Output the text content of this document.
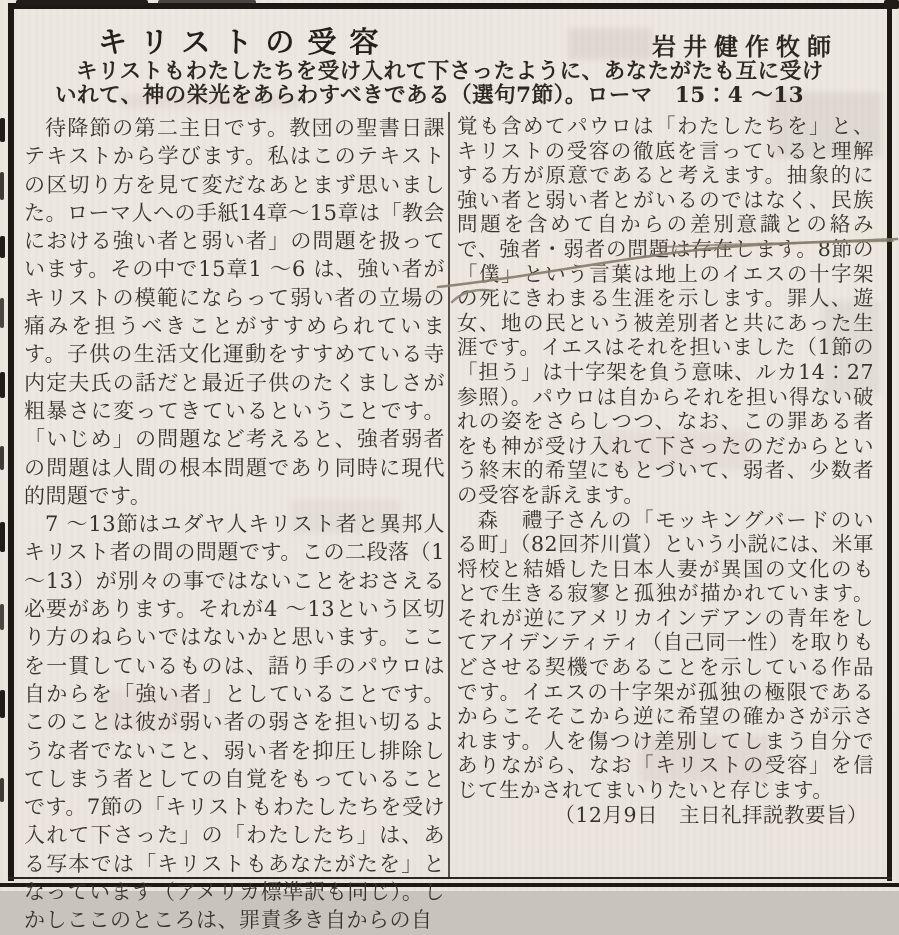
キリストの受容	岩井健作牧師
キリストもわたしたちを受け入れて下さったように、あなたがたも互に受け
いれて、神の栄光をあらわすべきである（選句7節）。ローマ　15：4 ～13

待降節の第二主日です。教団の聖書日課テキストから学びます。私はこのテキストの区切り方を見て変だなあとまず思いました。ローマ人への手紙14章～15章は「教会における強い者と弱い者」の問題を扱っています。その中で15章1 ～6 は、強い者がキリストの模範にならって弱い者の立場の痛みを担うべきことがすすめられています。子供の生活文化運動をすすめている寺内定夫氏の話だと最近子供のたくましさが粗暴さに変ってきているということです。「いじめ」の問題など考えると、強者弱者の問題は人間の根本問題であり同時に現代的問題です。

7 ～13節はユダヤ人キリスト者と異邦人キリスト者の間の問題です。この二段落（1 ～13）が別々の事ではないことをおさえる必要があります。それが4 ～13という区切り方のねらいではないかと思います。ここを一貫しているものは、語り手のパウロは自からを「強い者」としていることです。このことは彼が弱い者の弱さを担い切るような者でないこと、弱い者を抑圧し排除してしまう者としての自覚をもっていることです。7節の「キリストもわたしたちを受け入れて下さった」の「わたしたち」は、ある写本では「キリストもあなたがたを」となっています（アメリカ標準訳も同じ）。しかしここのところは、罪責多き自からの自

覚も含めてパウロは「わたしたちを」と、キリストの受容の徹底を言っていると理解する方が原意であると考えます。抽象的に強い者と弱い者とがいるのではなく、民族問題を含めて自からの差別意識との絡みで、強者・弱者の問題は存在します。8節の「僕」という言葉は地上のイエスの十字架の死にきわまる生涯を示します。罪人、遊女、地の民という被差別者と共にあった生涯です。イエスはそれを担いました（1節の「担う」は十字架を負う意味、ルカ14：27参照）。パウロは自からそれを担い得ない破れの姿をさらしつつ、なお、この罪ある者をも神が受け入れて下さったのだからという終末的希望にもとづいて、弱者、少数者の受容を訴えます。

森　禮子さんの「モッキングバードのいる町」（82回芥川賞）という小説には、米軍将校と結婚した日本人妻が異国の文化のもとで生きる寂寥と孤独が描かれています。それが逆にアメリカインデアンの青年をしてアイデンティティ（自己同一性）を取りもどさせる契機であることを示している作品です。イエスの十字架が孤独の極限であるからこそそこから逆に希望の確かさが示されます。人を傷つけ差別してしまう自分でありながら、なお「キリストの受容」を信じて生かされてまいりたいと存じます。

（12月9日　主日礼拝説教要旨）
